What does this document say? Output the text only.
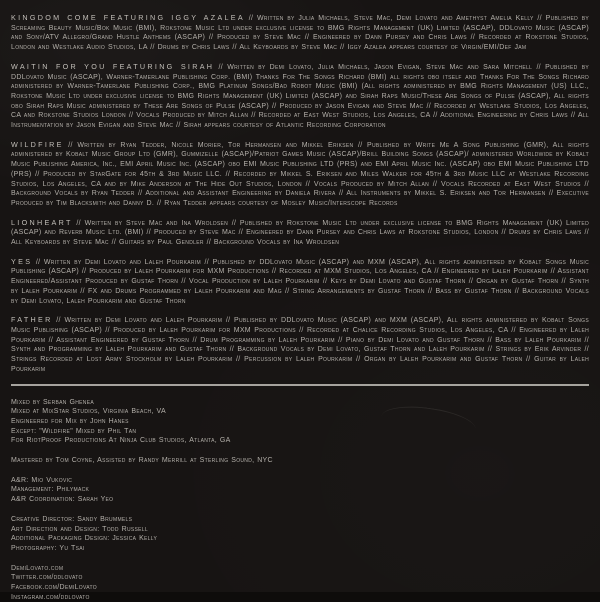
KINGDOM COME FEATURING IGGY AZALEA // Written by Julia Michaels, Steve Mac, Demi Lovato and Amethyst Amelia Kelly // Published by Screaming Beauty Music/Bok Music (BMI), Rokstone Music Ltd under exclusive license to BMG Rights Management (UK) Limited (ASCAP), DDLovato Music (ASCAP) and Sony/ATV Allegro/Grand Hustle Anthems (ASCAP) // Produced by Steve Mac // Engineered by Dann Pursey and Chris Laws // Recorded at Rokstone Studios, London and Westlake Audio Studios, LA // Drums by Chris Laws // All Keyboards by Steve Mac // Iggy Azalea appears courtesy of Virgin/EMI/Def Jam

WAITIN FOR YOU FEATURING SIRAH // Written by Demi Lovato, Julia Michaels, Jason Evigan, Steve Mac and Sara Mitchell // Published by DDLovato Music (ASCAP), Warner-Tamerlane Publishing Corp. (BMI) Thanks For The Songs Richard (BMI) all rights obo itself and Thanks For The Songs Richard administered by Warner-Tamerlane Publishing Corp., BMG Platinum Songs/Bad Robot Music (BMI) (All rights administered by BMG Rights Management (US) LLC., Rokstone Music Ltd under exclusive license to BMG Rights Management (UK) Limited (ASCAP) and Sirah Raps Music/These Are Songs of Pulse (ASCAP), All rights obo Sirah Raps Music administered by These Are Songs of Pulse (ASCAP) // Produced by Jason Evigan and Steve Mac // Recorded at Westlake Studios, Los Angeles, CA and Rokstone Studios London // Vocals Produced by Mitch Allan // Recorded at East West Studios, Los Angeles, CA // Additional Engineering by Chris Laws // All Instrumentation by Jason Evigan and Steve Mac // Sirah appears courtesy of Atlantic Recording Corporation

WILDFIRE // Written by Ryan Tedder, Nicole Morier, Tor Hermansen and Mikkel Eriksen // Published by Write Me A Song Publishing (GMR), All rights administered by Kobalt Music Group Ltd (GMR), Gummizelle (ASCAP)/Patriot Games Music (ASCAP)/Brill Building Songs (ASCAP)/ administered Worldwide by Kobalt Music Publishing America, Inc., EMI April Music Inc. (ASCAP) obo EMI Music Publishing LTD (PRS) and EMI April Music Inc. (ASCAP) obo EMI Music Publishing LTD (PRS) // Produced by StarGate for 45th & 3rd Music LLC. // Recorded by Mikkel S. Eriksen and Miles Walker for 45th & 3rd Music LLC at Westlake Recording Studios, Los Angeles, CA and by Mike Anderson at The Hide Out Studios, London // Vocals Produced by Mitch Allan // Vocals Recorded at East West Studios // Background Vocals by Ryan Tedder // Additional and Assistant Engineering by Daniela Rivera // All Instruments by Mikkel S. Eriksen and Tor Hermansen // Executive Produced by Tim Blacksmith and Danny D. // Ryan Tedder appears courtesy of Mosley Music/Interscope Records

LIONHEART // Written by Steve Mac and Ina Wroldsen // Published by Rokstone Music Ltd under exclusive license to BMG Rights Management (UK) Limited (ASCAP) and Reverb Music Ltd. (BMI) // Produced by Steve Mac // Engineered by Dann Pursey and Chris Laws at Rokstone Studios, London // Drums by Chris Laws // All Keyboards by Steve Mac // Guitars by Paul Gendler // Background Vocals by Ina Wroldsen

YES // Written by Demi Lovato and Laleh Pourkarim // Published by DDLovato Music (ASCAP) and MXM (ASCAP), All rights administered by Kobalt Songs Music Publishing (ASCAP) // Produced by Laleh Pourkarim for MXM Productions // Recorded at MXM Studios, Los Angeles, CA // Engineered by Laleh Pourkarim // Assistant Engineered/Assistant Produced by Gustaf Thorn // Vocal Production by Laleh Pourkarim // Keys by Demi Lovato and Gustaf Thorn // Organ by Gustaf Thorn // Synth by Laleh Pourkarim // FX and Drums Programmed by Laleh Pourkarim and Mag // String Arrangements by Gustaf Thorn // Bass by Gustaf Thorn // Background Vocals by Demi Lovato, Laleh Pourkarim and Gustaf Thorn

FATHER // Written by Demi Lovato and Laleh Pourkarim // Published by DDLovato Music (ASCAP) and MXM (ASCAP), All rights administered by Kobalt Songs Music Publishing (ASCAP) // Produced by Laleh Pourkarim for MXM Productions // Recorded at Chalice Recording Studios, Los Angeles, CA // Engineered by Laleh Pourkarim // Assistant Engineered by Gustaf Thorn // Drum Programming by Laleh Pourkarim // Piano by Demi Lovato and Gustaf Thorn // Bass by Laleh Pourkarim // Synth and Programming by Laleh Pourkarim and Gustaf Thorn // Background Vocals by Demi Lovato, Gustaf Thorn and Laleh Pourkarim // Strings by Erik Arvinder // Strings Recorded at Lost Army Stockholm by Laleh Pourkarim // Percussion by Laleh Pourkarim // Organ by Laleh Pourkarim and Gustaf Thorn // Guitar by Laleh Pourkarim

Mixed by Serban Ghenea
Mixed at MixStar Studios, Virginia Beach, VA
Engineered for Mix by John Hanes
Except: "Wildfire" Mixed by Phil Tan
For RiotProof Productions At Ninja Club Studios, Atlanta, GA
Mastered by Tom Coyne, Assisted by Randy Merrill at Sterling Sound, NYC
A&R: Mio Vukovic
Management: Philymack
A&R Coordination: Sarah Yeo
Creative Director: Sandy Brummels
Art Direction and Design: Todd Russell
Additional Packaging Design: Jessica Kelly
Photography: Yu Tsai
DemiLovato.com
Twitter.com/ddlovato
Facebook.com/DemiLovato
Instagram.com/ddlovato
